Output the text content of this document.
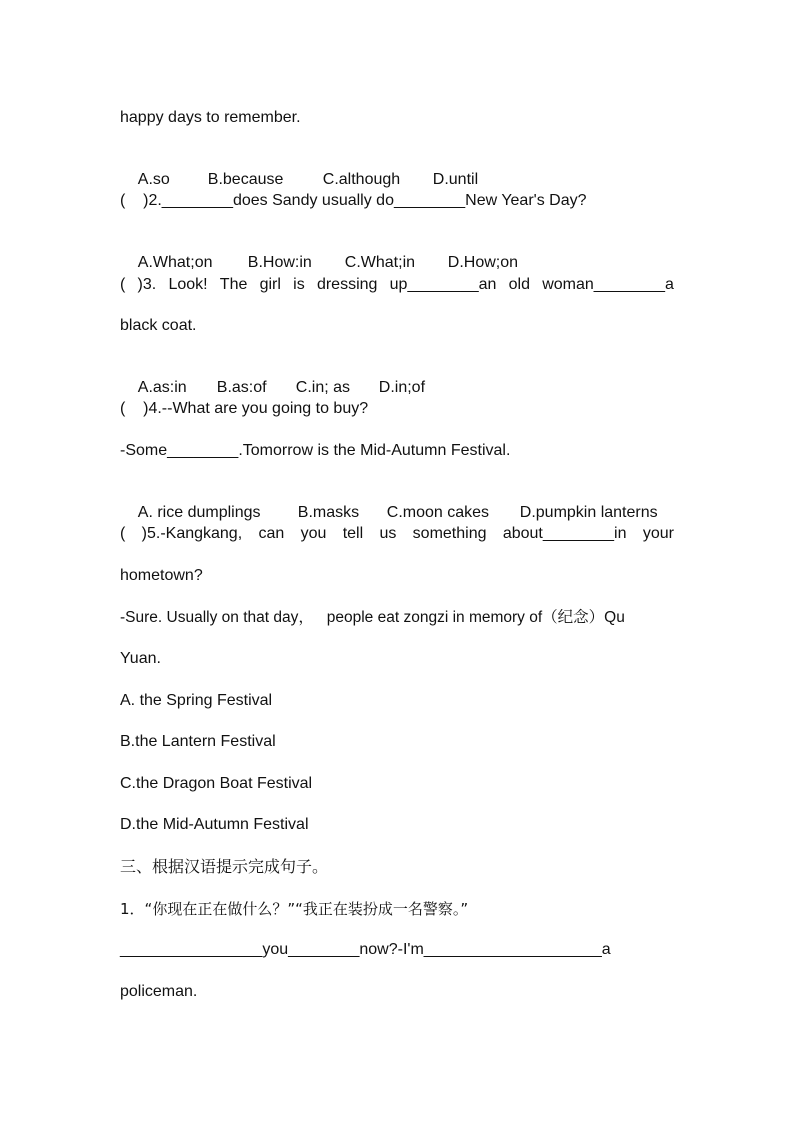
happy days to remember.

A.so B.because C.although D.until

(    )2.________does Sandy usually do________New Year's Day?

A.What;on B.How:in C.What;in D.How;on

( )3. Look! The girl is dressing up________an old woman________a
black coat.

A.as:in B.as:of C.in; as D.in;of

(    )4.--What are you going to buy?
-Some________.Tomorrow is the Mid-Autumn Festival.

A. rice dumplings B.masks C.moon cakes D.pumpkin lanterns

( )5.-Kangkang, can you tell us something about________in your
hometown?
-Sure. Usually on that day，   people eat zongzi in memory of（纪念）Qu
Yuan.
A. the Spring Festival
B.the Lantern Festival
C.the Dragon Boat Festival
D.the Mid-Autumn Festival
三、根据汉语提示完成句子。
1．“你现在正在做什么？”“我正在装扮成一名警察。”
________________you________now?-I'm____________________a
policeman.
